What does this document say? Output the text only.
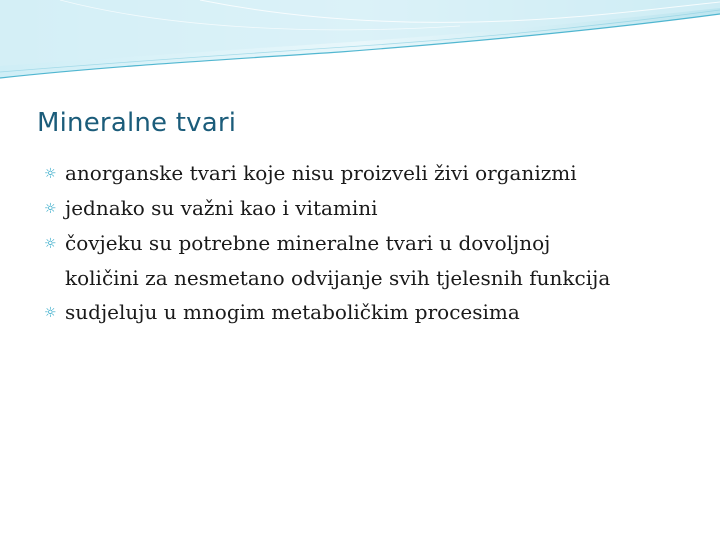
Mineralne tvari
☼ anorganske tvari koje nisu proizveli živi organizmi
☼ jednako su važni kao i vitamini
☼ čovjeku su potrebne mineralne tvari u dovoljnoj
količini za nesmetano odvijanje svih tjelesnih funkcija
☼ sudjeluju u mnogim metaboličkim procesima
